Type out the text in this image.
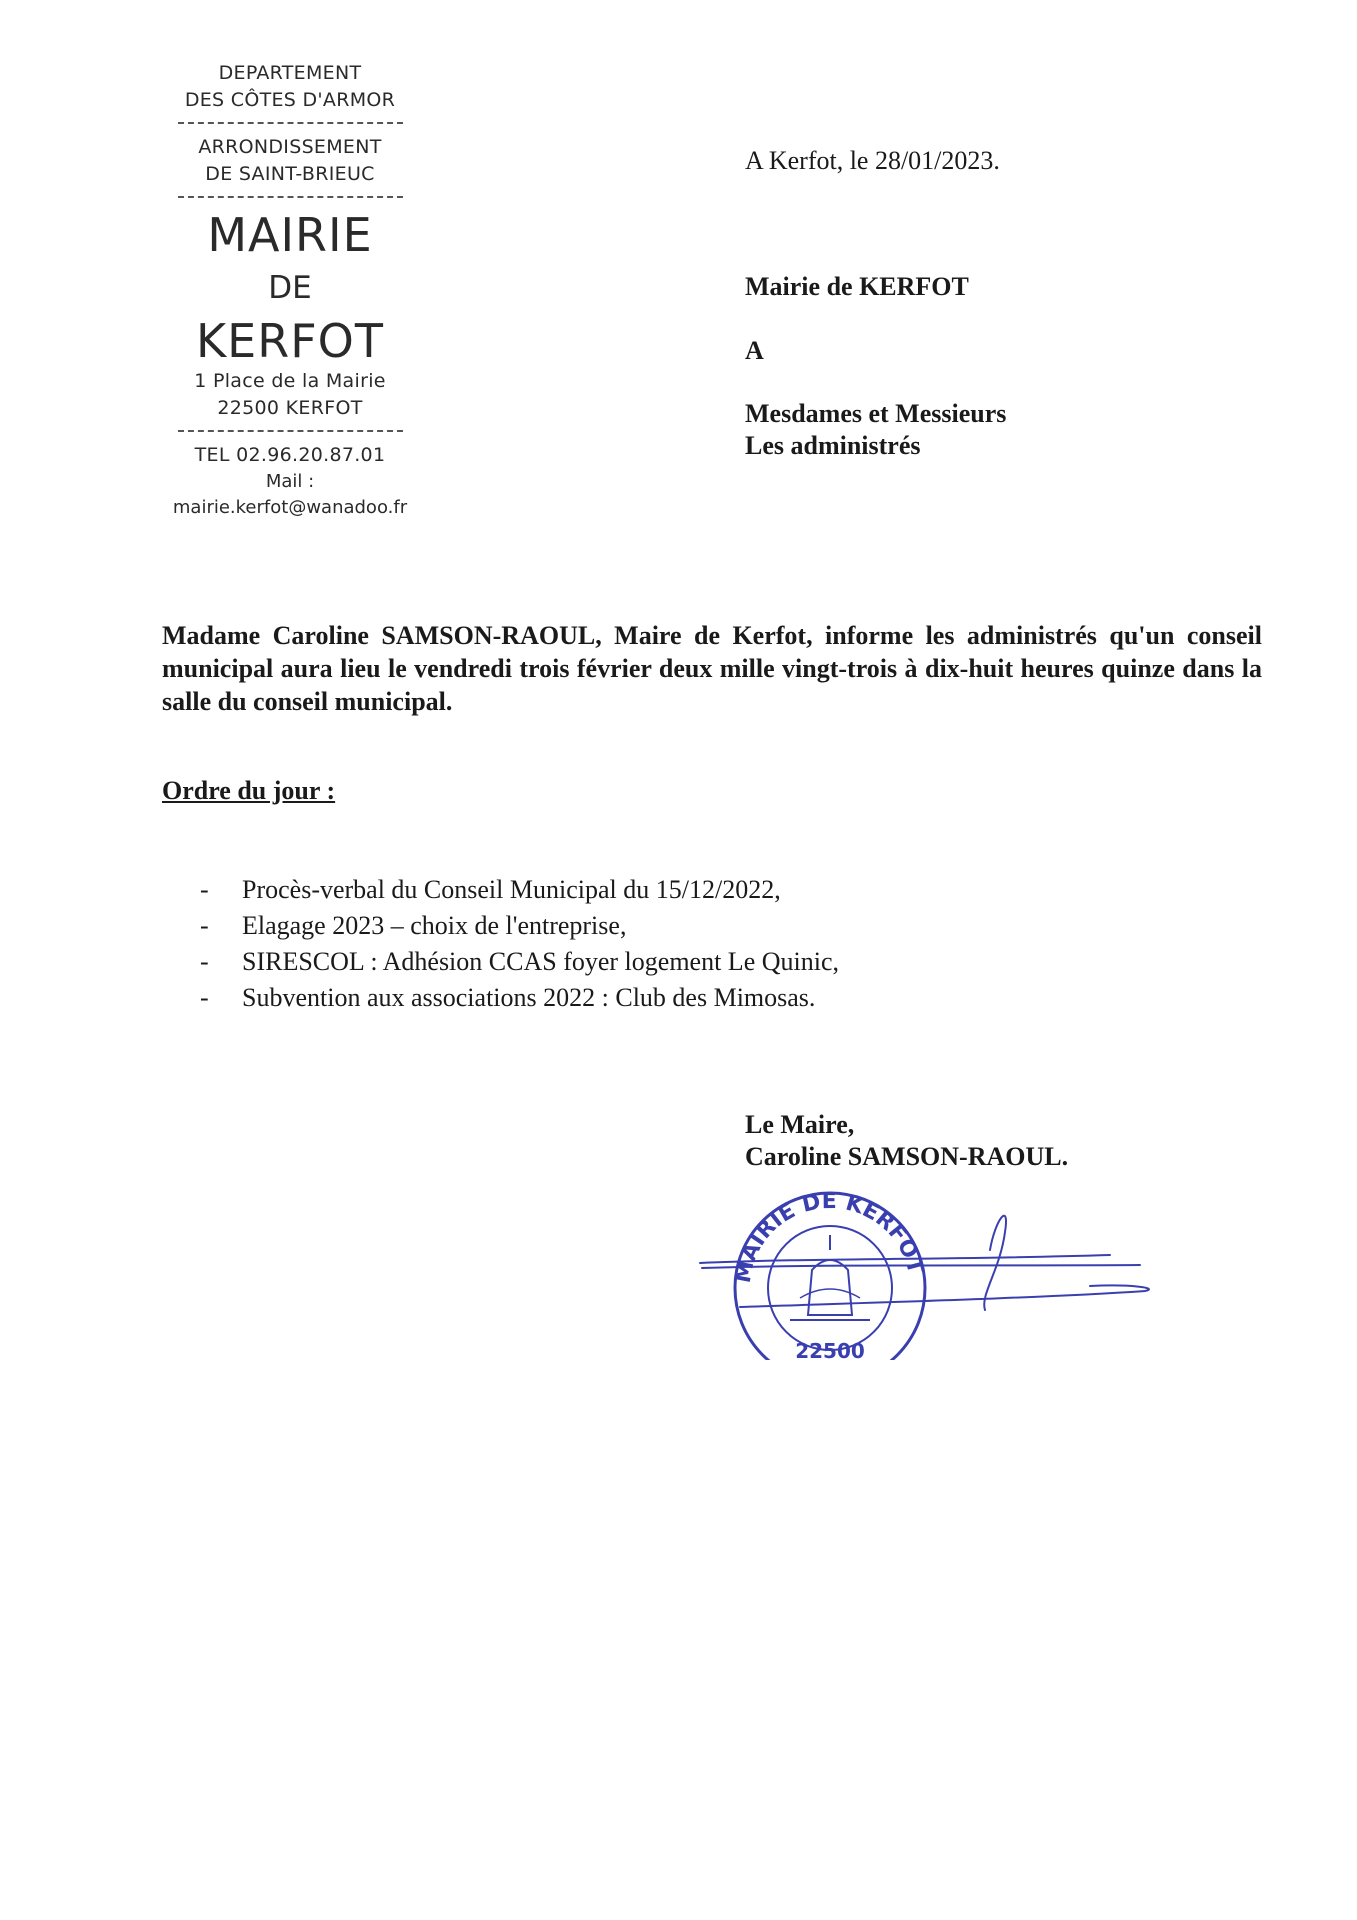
DEPARTEMENT
DES CÔTES D'ARMOR
ARRONDISSEMENT
DE SAINT-BRIEUC
MAIRIE
DE
KERFOT
1 Place de la Mairie
22500 KERFOT
TEL 02.96.20.87.01
Mail : mairie.kerfot@wanadoo.fr
A Kerfot, le 28/01/2023.
Mairie de KERFOT
A
Mesdames et Messieurs
Les administrés
Madame Caroline SAMSON-RAOUL, Maire de Kerfot, informe les administrés qu'un conseil municipal aura lieu le vendredi trois février deux mille vingt-trois à dix-huit heures quinze dans la salle du conseil municipal.
Ordre du jour :
- Procès-verbal du Conseil Municipal du 15/12/2022,
- Elagage 2023 – choix de l'entreprise,
- SIRESCOL : Adhésion CCAS foyer logement Le Quinic,
- Subvention aux associations 2022 : Club des Mimosas.
Le Maire,
Caroline SAMSON-RAOUL.
MAIRIE DE KERFOT
22500
